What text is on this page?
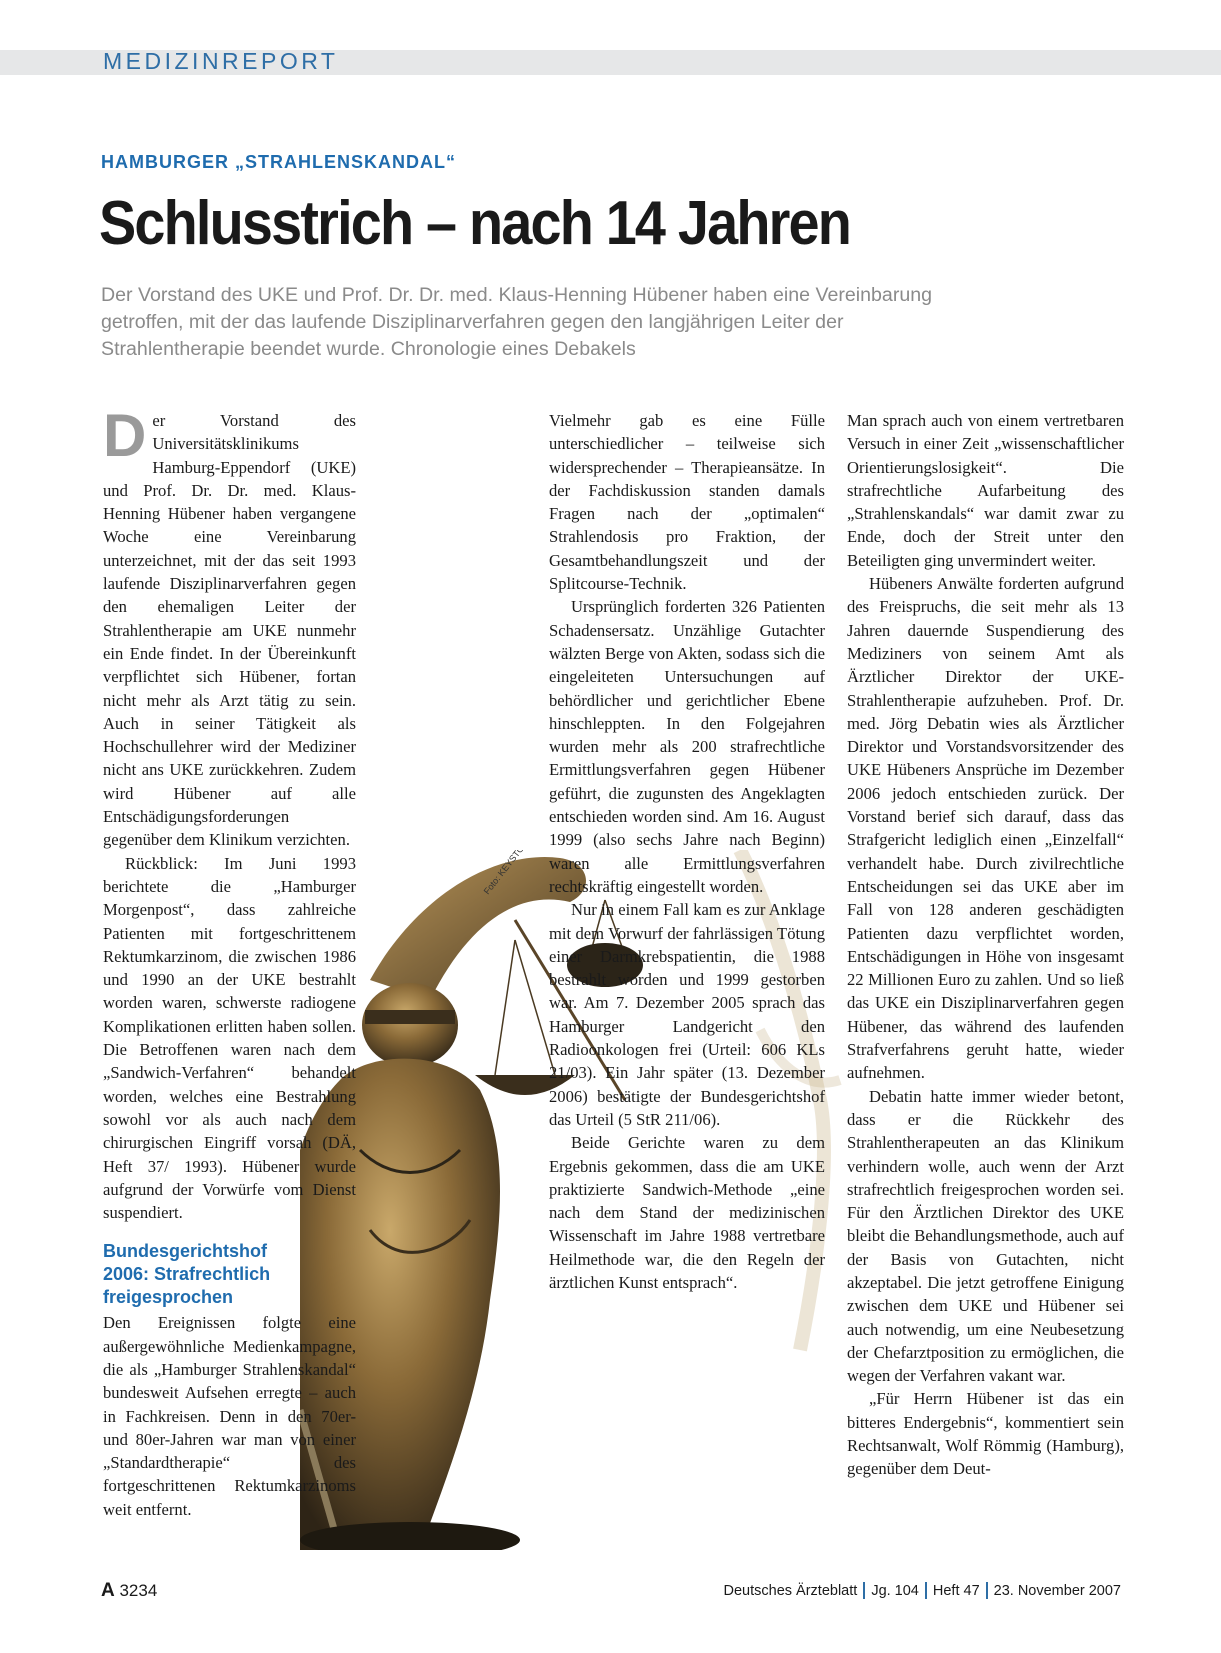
MEDIZINREPORT
HAMBURGER „STRAHLENSKANDAL“
Schlusstrich – nach 14 Jahren

Der Vorstand des UKE und Prof. Dr. Dr. med. Klaus-Henning Hübener haben eine Vereinbarung getroffen, mit der das laufende Disziplinarverfahren gegen den langjährigen Leiter der Strahlentherapie beendet wurde. Chronologie eines Debakels

Der Vorstand des Universitätsklinikums Hamburg-Eppendorf (UKE) und Prof. Dr. Dr. med. Klaus-Henning Hübener haben vergangene Woche eine Vereinbarung unterzeichnet, mit der das seit 1993 laufende Disziplinarverfahren gegen den ehemaligen Leiter der Strahlentherapie am UKE nunmehr ein Ende findet. In der Übereinkunft verpflichtet sich Hübener, fortan nicht mehr als Arzt tätig zu sein. Auch in seiner Tätigkeit als Hochschullehrer wird der Mediziner nicht ans UKE zurückkehren. Zudem wird Hübener auf alle Entschädigungsforderungen gegenüber dem Klinikum verzichten.

Rückblick: Im Juni 1993 berichtete die „Hamburger Morgenpost“, dass zahlreiche Patienten mit fortgeschrittenem Rektumkarzinom, die zwischen 1986 und 1990 an der UKE bestrahlt worden waren, schwerste radiogene Komplikationen erlitten haben sollen. Die Betroffenen waren nach dem „Sandwich-Verfahren“ behandelt worden, welches eine Bestrahlung sowohl vor als auch nach dem chirurgischen Eingriff vorsah (DÄ, Heft 37/ 1993). Hübener wurde aufgrund der Vorwürfe vom Dienst suspendiert.

Bundesgerichtshof 2006: Strafrechtlich freigesprochen

Den Ereignissen folgte eine außergewöhnliche Medienkampagne, die als „Hamburger Strahlenskandal“ bundesweit Aufsehen erregte – auch in Fachkreisen. Denn in den 70er- und 80er-Jahren war man von einer „Standardtherapie“ des fortgeschrittenen Rektumkarzinoms weit entfernt.

Vielmehr gab es eine Fülle unterschiedlicher – teilweise sich widersprechender – Therapieansätze. In der Fachdiskussion standen damals Fragen nach der „optimalen“ Strahlendosis pro Fraktion, der Gesamtbehandlungszeit und der Splitcourse-Technik.

Ursprünglich forderten 326 Patienten Schadensersatz. Unzählige Gutachter wälzten Berge von Akten, sodass sich die eingeleiteten Untersuchungen auf behördlicher und gerichtlicher Ebene hinschleppten. In den Folgejahren wurden mehr als 200 strafrechtliche Ermittlungsverfahren gegen Hübener geführt, die zugunsten des Angeklagten entschieden worden sind. Am 16. August 1999 (also sechs Jahre nach Beginn) waren alle Ermittlungsverfahren rechtskräftig eingestellt worden.

Nur in einem Fall kam es zur Anklage mit dem Vorwurf der fahrlässigen Tötung einer Darmkrebspatientin, die 1988 bestrahlt worden und 1999 gestorben war. Am 7. Dezember 2005 sprach das Hamburger Landgericht den Radioonkologen frei (Urteil: 606 KLs 21/03). Ein Jahr später (13. Dezember 2006) bestätigte der Bundesgerichtshof das Urteil (5 StR 211/06).

Beide Gerichte waren zu dem Ergebnis gekommen, dass die am UKE praktizierte Sandwich-Methode „eine nach dem Stand der medizinischen Wissenschaft im Jahre 1988 vertretbare Heilmethode war, die den Regeln der ärztlichen Kunst entsprach“.

Man sprach auch von einem vertretbaren Versuch in einer Zeit „wissenschaftlicher Orientierungslosigkeit“. Die strafrechtliche Aufarbeitung des „Strahlenskandals“ war damit zwar zu Ende, doch der Streit unter den Beteiligten ging unvermindert weiter.

Hübeners Anwälte forderten aufgrund des Freispruchs, die seit mehr als 13 Jahren dauernde Suspendierung des Mediziners von seinem Amt als Ärztlicher Direktor der UKE-Strahlentherapie aufzuheben. Prof. Dr. med. Jörg Debatin wies als Ärztlicher Direktor und Vorstandsvorsitzender des UKE Hübeners Ansprüche im Dezember 2006 jedoch entschieden zurück. Der Vorstand berief sich darauf, dass das Strafgericht lediglich einen „Einzelfall“ verhandelt habe. Durch zivilrechtliche Entscheidungen sei das UKE aber im Fall von 128 anderen geschädigten Patienten dazu verpflichtet worden, Entschädigungen in Höhe von insgesamt 22 Millionen Euro zu zahlen. Und so ließ das UKE ein Disziplinarverfahren gegen Hübener, das während des laufenden Strafverfahrens geruht hatte, wieder aufnehmen.

Debatin hatte immer wieder betont, dass er die Rückkehr des Strahlentherapeuten an das Klinikum verhindern wolle, auch wenn der Arzt strafrechtlich freigesprochen worden sei. Für den Ärztlichen Direktor des UKE bleibt die Behandlungsmethode, auch auf der Basis von Gutachten, nicht akzeptabel. Die jetzt getroffene Einigung zwischen dem UKE und Hübener sei auch notwendig, um eine Neubesetzung der Chefarztposition zu ermöglichen, die wegen der Verfahren vakant war.

„Für Herrn Hübener ist das ein bitteres Endergebnis“, kommentiert sein Rechtsanwalt, Wolf Römmig (Hamburg), gegenüber dem Deut-

A 3234	Deutsches Ärzteblatt Jg. 104 Heft 47 23. November 2007
